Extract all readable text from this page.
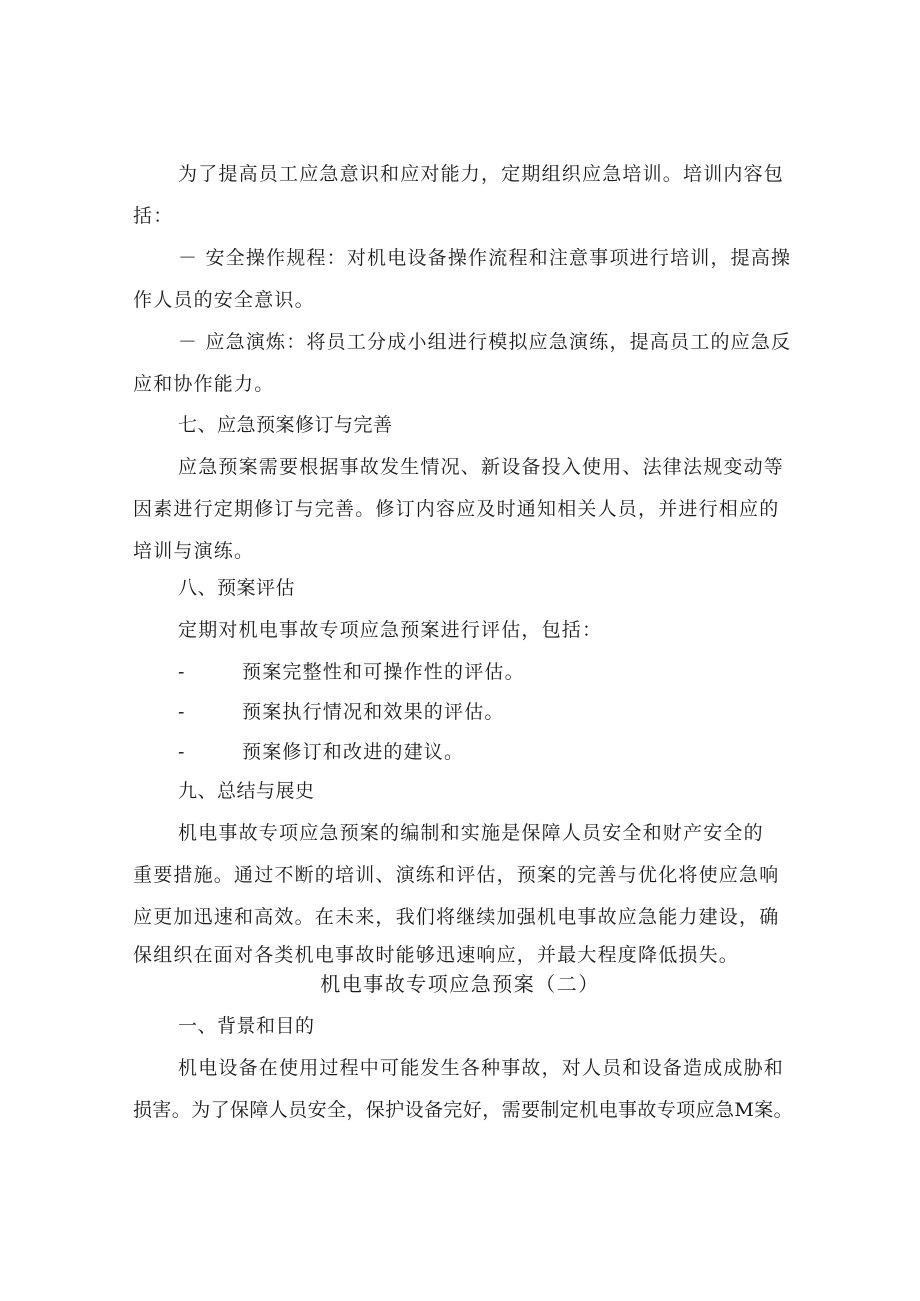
为了提高员工应急意识和应对能力，定期组织应急培训。培训内容包
括：
－ 安全操作规程：对机电设备操作流程和注意事项进行培训，提高操
作人员的安全意识。
－ 应急演炼：将员工分成小组进行模拟应急演练，提高员工的应急反
应和协作能力。
七、应急预案修订与完善
应急预案需要根据事故发生情况、新设备投入使用、法律法规变动等
因素进行定期修订与完善。修订内容应及时通知相关人员，并进行相应的
培训与演练。
八、预案评估
定期对机电事故专项应急预案进行评估，包括：
-	预案完整性和可操作性的评估。
-	预案执行情况和效果的评估。
-	预案修订和改进的建议。
九、总结与展史
机电事故专项应急预案的编制和实施是保障人员安全和财产安全的
重要措施。通过不断的培训、演练和评估，预案的完善与优化将使应急响
应更加迅速和高效。在未来，我们将继续加强机电事故应急能力建设，确
保组织在面对各类机电事故时能够迅速响应，并最大程度降低损失。
机电事故专项应急预案（二）
一、背景和目的
机电设备在使用过程中可能发生各种事故，对人员和设备造成成胁和
损害。为了保障人员安全，保护设备完好，需要制定机电事故专项应急M案。
